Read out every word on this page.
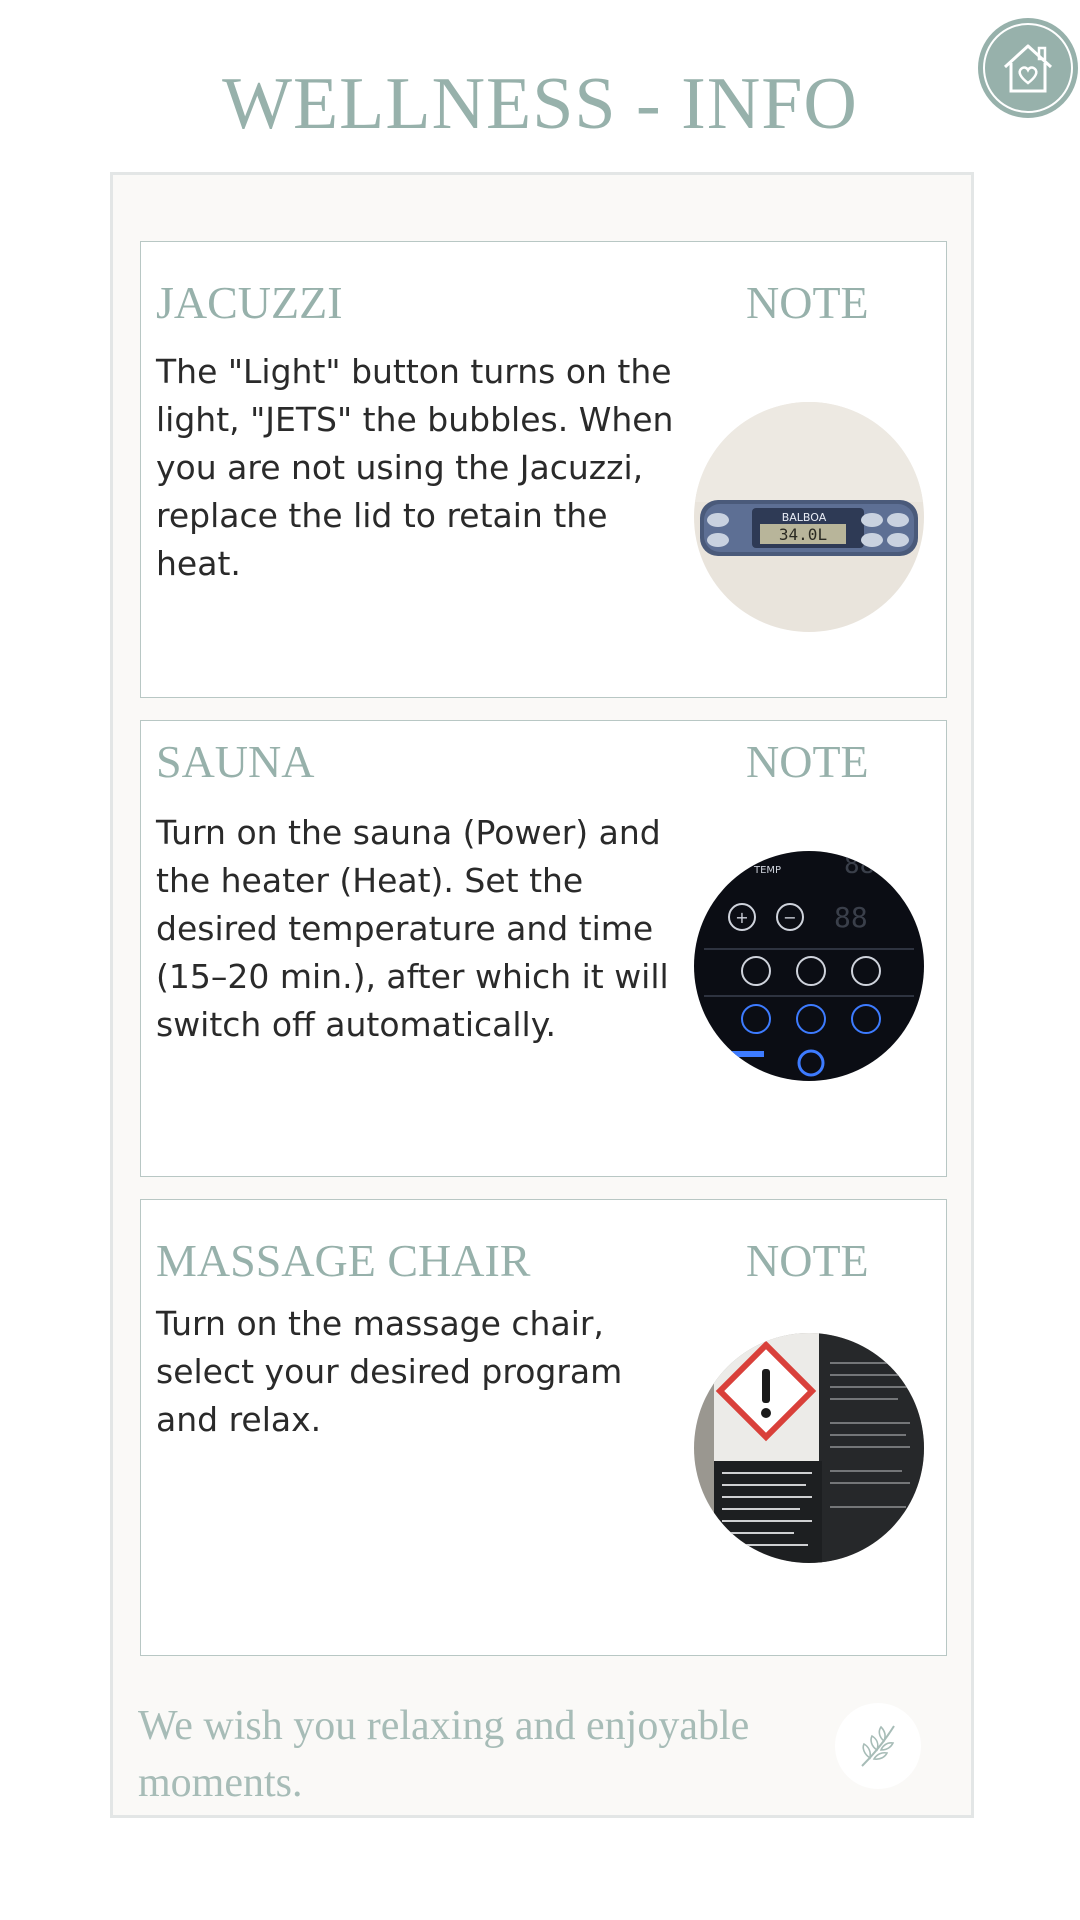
WELLNESS - INFO
JACUZZI	NOTE

The "Light" button turns on the light, "JETS" the bubbles. When you are not using the Jacuzzi, replace the lid to retain the heat.

34.0L
BALBOA
SAUNA	NOTE

Turn on the sauna (Power) and the heater (Heat). Set the desired temperature and time (15–20 min.), after which it will switch off automatically.

TEMP 88
+ − 88
MASSAGE CHAIR	NOTE

Turn on the massage chair, select your desired program and relax.

We wish you relaxing and enjoyable moments.
